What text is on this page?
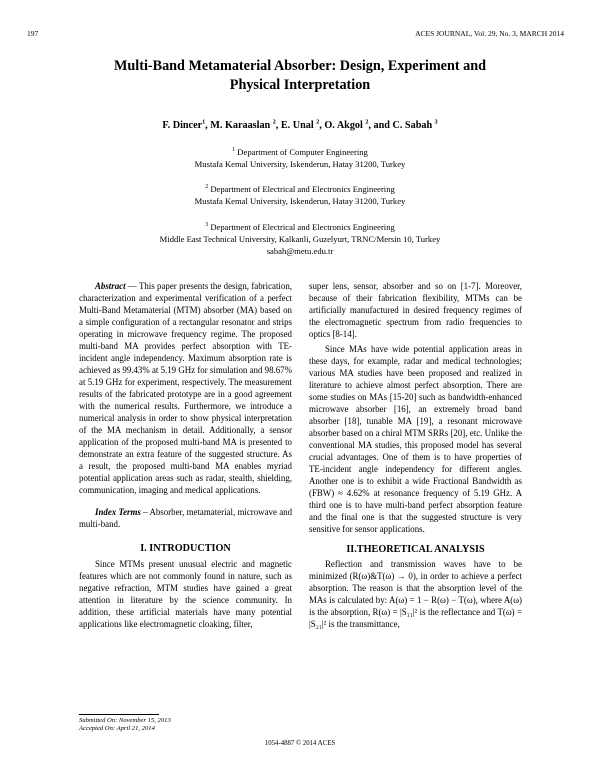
197	ACES JOURNAL, Vol. 29, No. 3, MARCH 2014
Multi-Band Metamaterial Absorber: Design, Experiment and
Physical Interpretation
F. Dincer$^1$, M. Karaaslan $^2$, E. Unal $^2$, O. Akgol $^2$, and C. Sabah $^3$
$^1$ Department of Computer Engineering
Mustafa Kemal University, Iskenderun, Hatay 31200, Turkey
$^2$ Department of Electrical and Electronics Engineering
Mustafa Kemal University, Iskenderun, Hatay 31200, Turkey
$^3$ Department of Electrical and Electronics Engineering
Middle East Technical University, Kalkanli, Guzelyurt, TRNC/Mersin 10, Turkey
sabah@metu.edu.tr

Abstract — This paper presents the design, fabrication, characterization and experimental verification of a perfect Multi-Band Metamaterial (MTM) absorber (MA) based on a simple configuration of a rectangular resonator and strips operating in microwave frequency regime. The proposed multi-band MA provides perfect absorption with TE-incident angle independency. Maximum absorption rate is achieved as 99.43% at 5.19 GHz for simulation and 98.67% at 5.19 GHz for experiment, respectively. The measurement results of the fabricated prototype are in a good agreement with the numerical results. Furthermore, we introduce a numerical analysis in order to show physical interpretation of the MA mechanism in detail. Additionally, a sensor application of the proposed multi-band MA is presented to demonstrate an extra feature of the suggested structure. As a result, the proposed multi-band MA enables myriad potential application areas such as radar, stealth, shielding, communication, imaging and medical applications.

Index Terms – Absorber, metamaterial, microwave and multi-band.

I. INTRODUCTION

Since MTMs present unusual electric and magnetic features which are not commonly found in nature, such as negative refraction, MTM studies have gained a great attention in literature by the science community. In addition, these artificial materials have many potential applications like electromagnetic cloaking, filter,

super lens, sensor, absorber and so on [1-7]. Moreover, because of their fabrication flexibility, MTMs can be artificially manufactured in desired frequency regimes of the electromagnetic spectrum from radio frequencies to optics [8-14].

Since MAs have wide potential application areas in these days, for example, radar and medical technologies; various MA studies have been proposed and realized in literature to achieve almost perfect absorption. There are some studies on MAs [15-20] such as bandwidth-enhanced microwave absorber [16], an extremely broad band absorber [18], tunable MA [19], a resonant microwave absorber based on a chiral MTM SRRs [20], etc. Unlike the conventional MA studies, this proposed model has several crucial advantages. One of them is to have properties of TE-incident angle independency for different angles. Another one is to exhibit a wide Fractional Bandwidth as (FBW) ≈ 4.62% at resonance frequency of 5.19 GHz. A third one is to have multi-band perfect absorption feature and the final one is that the suggested structure is very sensitive for sensor applications.

II.THEORETICAL ANALYSIS

Reflection and transmission waves have to be minimized (R(ω)&T(ω) → 0), in order to achieve a perfect absorption. The reason is that the absorption level of the MAs is calculated by: A(ω) = 1 − R(ω) − T(ω), where A(ω) is the absorption, R(ω) = |S₁₁|² is the reflectance and T(ω) = |S₂₁|² is the transmittance,

Submitted On: November 15, 2013
Accepted On: April 21, 2014
1054-4887 © 2014 ACES
